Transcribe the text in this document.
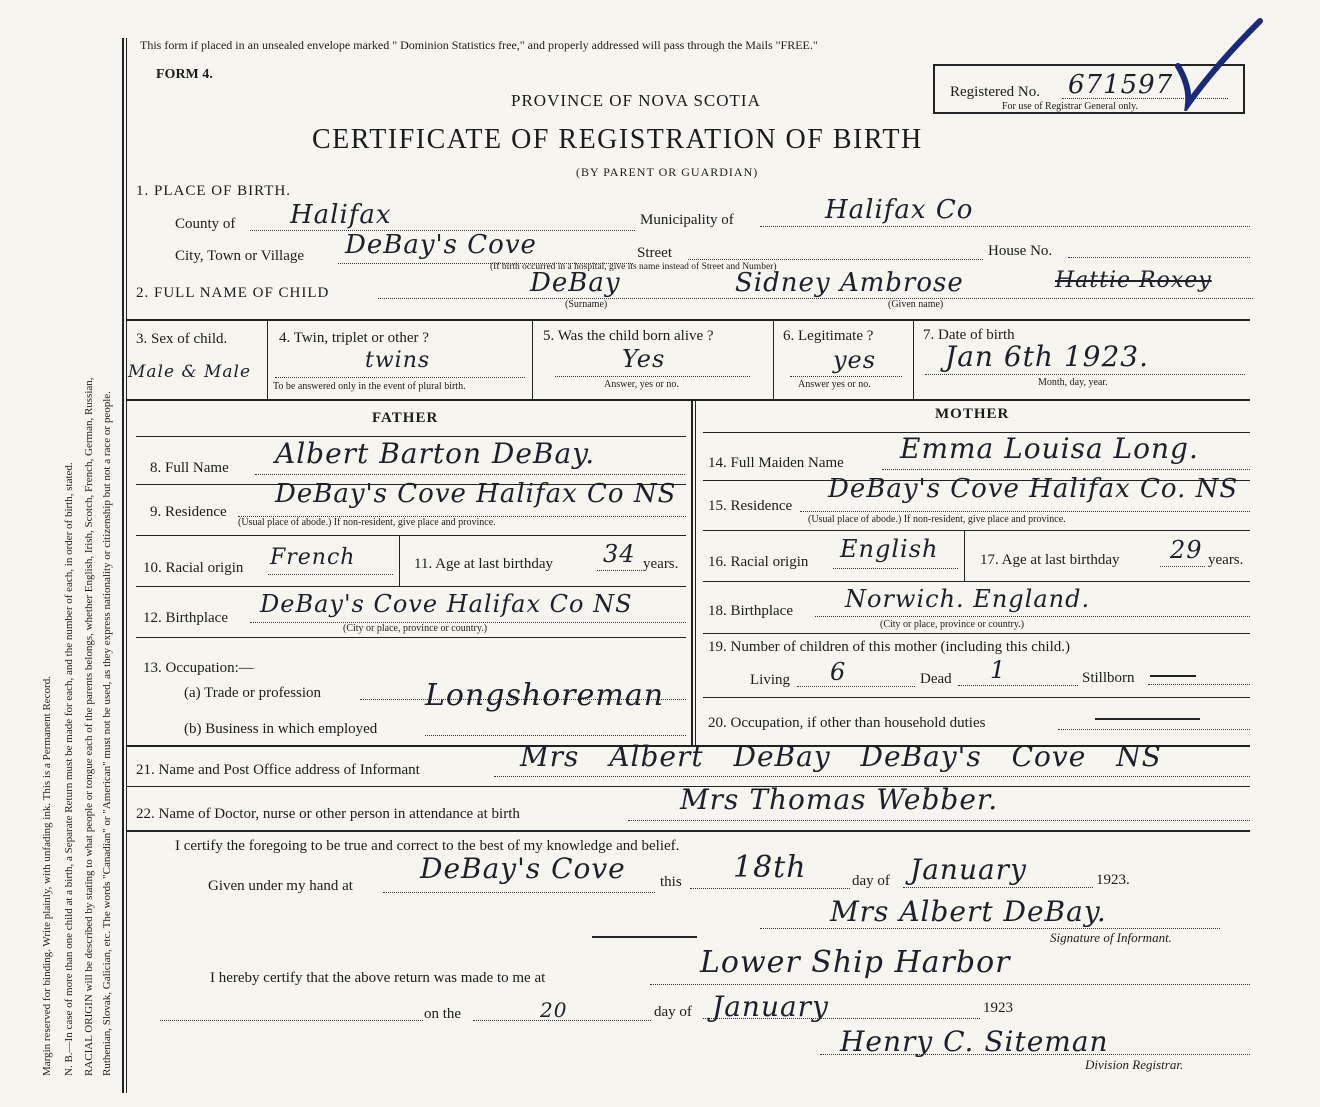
Margin reserved for binding. Write plainly, with unfading ink. This is a Permanent Record. N. B.—In case of more than one child at a birth, a Separate Return must be made for each, and the number of each, in order of birth, stated. RACIAL ORIGIN will be described by stating to what people or tongue each of the parents belongs, whether English, Irish, Scotch, French, German, Russian, Ruthenian, Slovak, Galician, etc. The words "Canadian" or "American" must not be used, as they express nationality or citizenship but not a race or people.
This form if placed in an unsealed envelope marked " Dominion Statistics free," and properly addressed will pass through the Mails "FREE."
FORM 4.
PROVINCE OF NOVA SCOTIA
CERTIFICATE OF REGISTRATION OF BIRTH
(BY PARENT OR GUARDIAN)
Registered No. 671597
For use of Registrar General only.
1. PLACE OF BIRTH.
County of Halifax	Municipality of	Halifax Co
City, Town or Village DeBay's Cove	Street	House No.
(If birth occurred in a hospital, give its name instead of Street and Number)
2. FULL NAME OF CHILD	DeBay
(Surname)
Sidney Ambrose
(Given name)
Hattie Roxey
3. Sex of child.
Male & Male
4. Twin, triplet or other ?
twins
To be answered only in the event of plural birth.
5. Was the child born alive ?
Yes
Answer, yes or no.
6. Legitimate ?
yes
Answer yes or no.
7. Date of birth
Jan 6th 1923.
Month, day, year.
FATHER	MOTHER
8. Full Name Albert Barton DeBay.
9. Residence
DeBay's Cove Halifax Co NS
(Usual place of abode.) If non-resident, give place and province.
10. Racial origin French	11. Age at last birthday 34 years.
12. Birthplace DeBay's Cove Halifax Co NS
(City or place, province or country.)
13. Occupation:—
(a) Trade or profession	Longshoreman
(b) Business in which employed
14. Full Maiden Name Emma Louisa Long.
15. Residence
DeBay's Cove Halifax Co. NS
(Usual place of abode.) If non-resident, give place and province.
16. Racial origin English	17. Age at last birthday 29 years.
18. Birthplace Norwich. England.
(City or place, province or country.)
19. Number of children of this mother (including this child.)
Living 6	Dead 1	Stillborn
20. Occupation, if other than household duties
21. Name and Post Office address of Informant	Mrs Albert DeBay DeBay's Cove NS
22. Name of Doctor, nurse or other person in attendance at birth	Mrs Thomas Webber.
I certify the foregoing to be true and correct to the best of my knowledge and belief.
Given under my hand at
DeBay's Cove this 18th	day of January	1923.
Mrs Albert DeBay.
Signature of Informant.
I hereby certify that the above return was made to me at	Lower Ship Harbor
on the	20	day of January	1923
Henry C. Siteman
Division Registrar.
